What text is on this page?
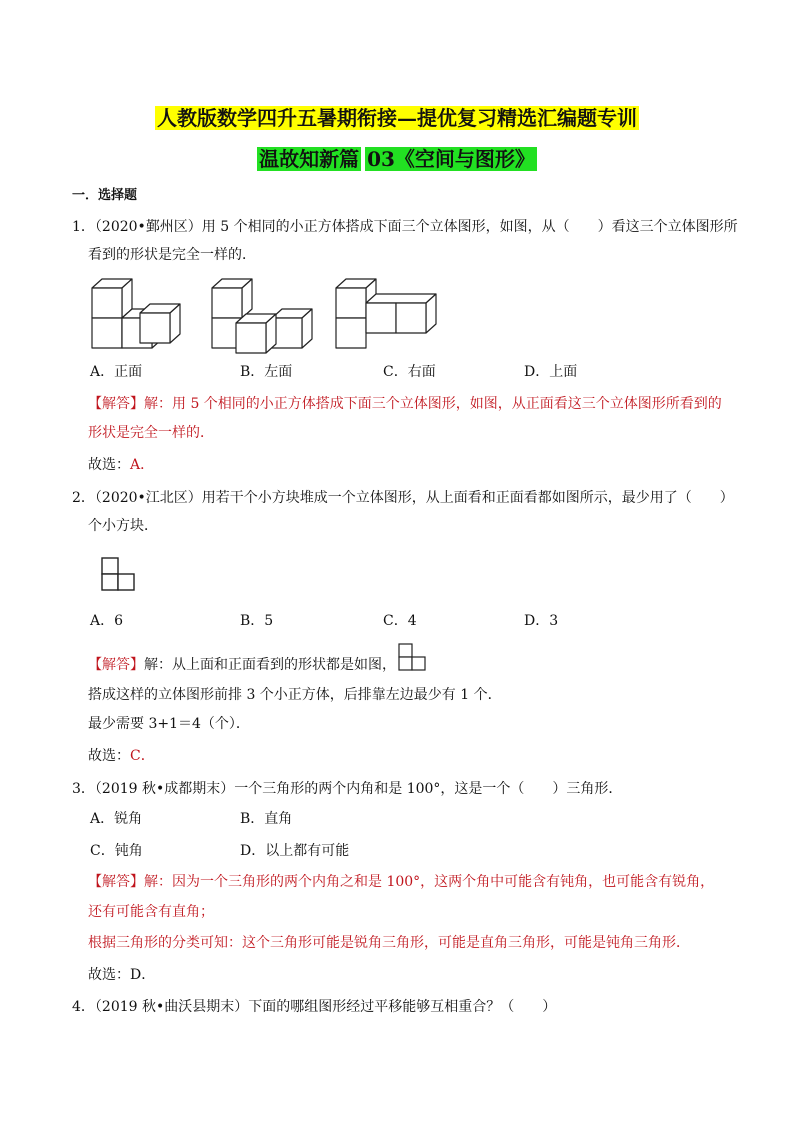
人教版数学四升五暑期衔接—提优复习精选汇编题专训
温故知新篇 03《空间与图形》
一．选择题
1．（2020•鄞州区）用 5 个相同的小正方体搭成下面三个立体图形，如图，从（　　）看这三个立体图形所
看到的形状是完全一样的．
A．正面	B．左面	C．右面	D．上面
【解答】解：用 5 个相同的小正方体搭成下面三个立体图形，如图，从正面看这三个立体图形所看到的
形状是完全一样的．
故选：A．
2．（2020•江北区）用若干个小方块堆成一个立体图形，从上面看和正面看都如图所示，最少用了（　　）
个小方块．
A．6	B．5	C．4	D．3
【解答】解：从上面和正面看到的形状都是如图，
搭成这样的立体图形前排 3 个小正方体，后排靠左边最少有 1 个．
最少需要 3+1＝4（个）．
故选：C．
3．（2019 秋•成都期末）一个三角形的两个内角和是 100°，这是一个（　　）三角形．
A．锐角	B．直角
C．钝角	D．以上都有可能
【解答】解：因为一个三角形的两个内角之和是 100°，这两个角中可能含有钝角，也可能含有锐角，
还有可能含有直角；
根据三角形的分类可知：这个三角形可能是锐角三角形，可能是直角三角形，可能是钝角三角形．
故选：D．
4．（2019 秋•曲沃县期末）下面的哪组图形经过平移能够互相重合？（　　）
